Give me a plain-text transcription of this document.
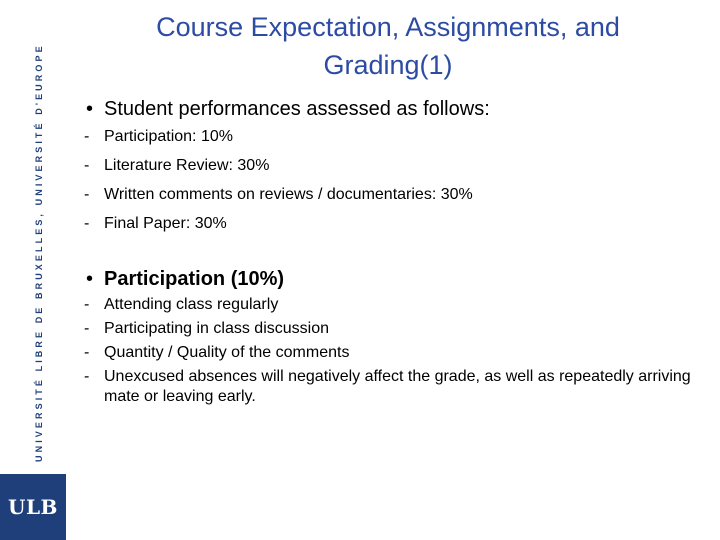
UNIVERSITÉ LIBRE DE BRUXELLES, UNIVERSITÉ D'EUROPE
ULB
Course Expectation, Assignments, and
Grading(1)
• Student performances assessed as follows:
- Participation: 10%
- Literature Review: 30%
- Written comments on reviews / documentaries: 30%
- Final Paper: 30%
• Participation (10%)
- Attending class regularly
- Participating in class discussion
- Quantity / Quality of the comments
- Unexcused absences will negatively affect the grade, as well as repeatedly arriving mate or leaving early.
